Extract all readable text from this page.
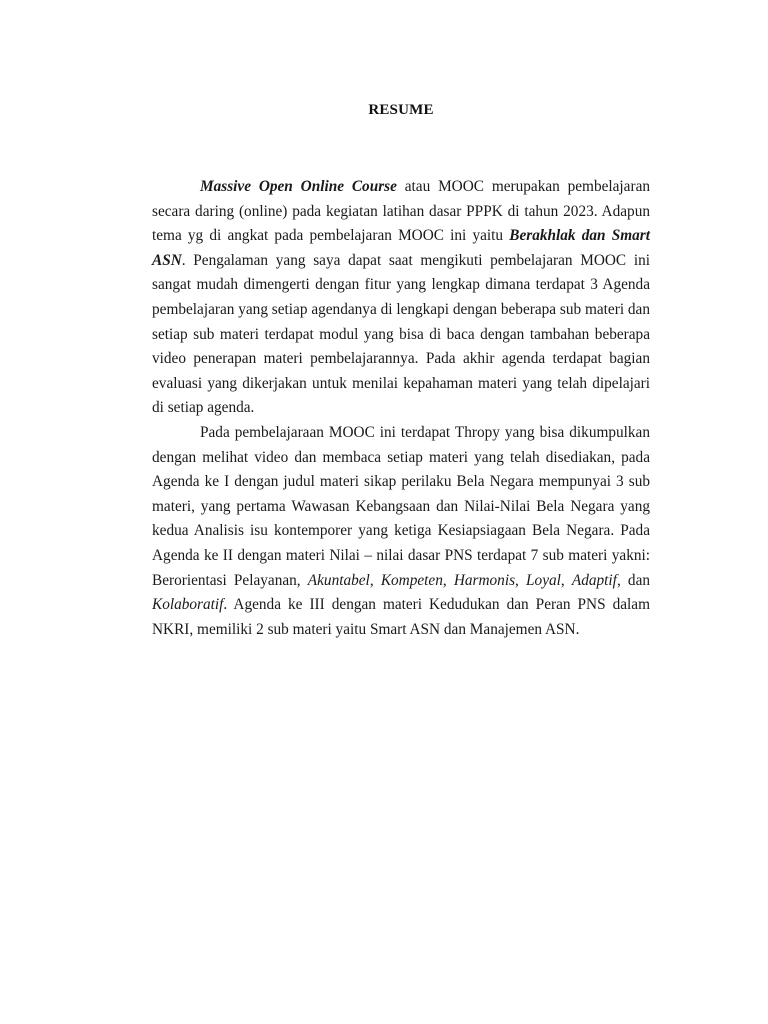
RESUME

Massive Open Online Course atau MOOC merupakan pembelajaran secara daring (online) pada kegiatan latihan dasar PPPK di tahun 2023. Adapun tema yg di angkat pada pembelajaran MOOC ini yaitu Berakhlak dan Smart ASN. Pengalaman yang saya dapat saat mengikuti pembelajaran MOOC ini sangat mudah dimengerti dengan fitur yang lengkap dimana terdapat 3 Agenda pembelajaran yang setiap agendanya di lengkapi dengan beberapa sub materi dan setiap sub materi terdapat modul yang bisa di baca dengan tambahan beberapa video penerapan materi pembelajarannya. Pada akhir agenda terdapat bagian evaluasi yang dikerjakan untuk menilai kepahaman materi yang telah dipelajari di setiap agenda.

Pada pembelajaraan MOOC ini terdapat Thropy yang bisa dikumpulkan dengan melihat video dan membaca setiap materi yang telah disediakan, pada Agenda ke I dengan judul materi sikap perilaku Bela Negara mempunyai 3 sub materi, yang pertama Wawasan Kebangsaan dan Nilai-Nilai Bela Negara yang kedua Analisis isu kontemporer yang ketiga Kesiapsiagaan Bela Negara. Pada Agenda ke II dengan materi Nilai – nilai dasar PNS terdapat 7 sub materi yakni: Berorientasi Pelayanan, Akuntabel, Kompeten, Harmonis, Loyal, Adaptif, dan Kolaboratif. Agenda ke III dengan materi Kedudukan dan Peran PNS dalam NKRI, memiliki 2 sub materi yaitu Smart ASN dan Manajemen ASN.
